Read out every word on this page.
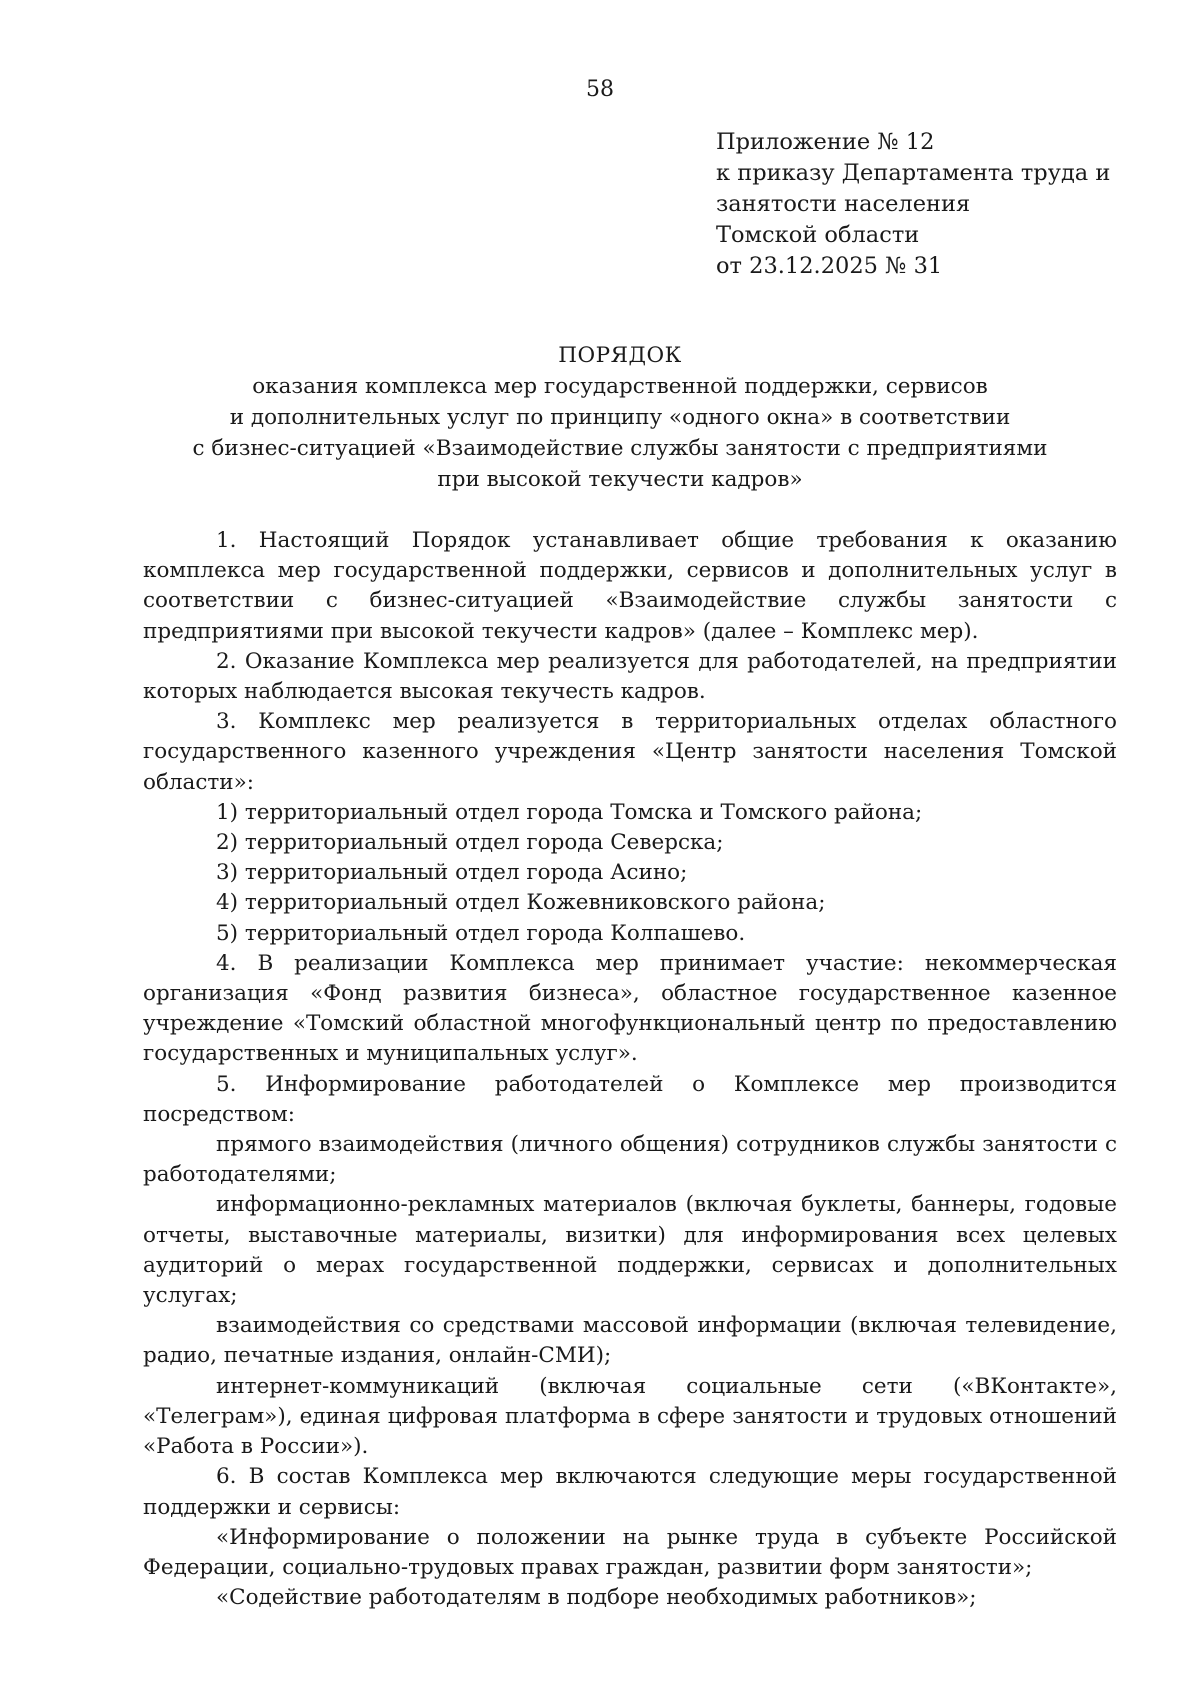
58
Приложение № 12
к приказу Департамента труда и
занятости населения
Томской области
от 23.12.2025 № 31
ПОРЯДОК
оказания комплекса мер государственной поддержки, сервисов
и дополнительных услуг по принципу «одного окна» в соответствии
с бизнес-ситуацией «Взаимодействие службы занятости с предприятиями
при высокой текучести кадров»

1. Настоящий Порядок устанавливает общие требования к оказанию комплекса мер государственной поддержки, сервисов и дополнительных услуг в соответствии с бизнес-ситуацией «Взаимодействие службы занятости с предприятиями при высокой текучести кадров» (далее – Комплекс мер).

2. Оказание Комплекса мер реализуется для работодателей, на предприятии которых наблюдается высокая текучесть кадров.

3. Комплекс мер реализуется в территориальных отделах областного государственного казенного учреждения «Центр занятости населения Томской области»:

1) территориальный отдел города Томска и Томского района;

2) территориальный отдел города Северска;

3) территориальный отдел города Асино;

4) территориальный отдел Кожевниковского района;

5) территориальный отдел города Колпашево.

4. В реализации Комплекса мер принимает участие: некоммерческая организация «Фонд развития бизнеса», областное государственное казенное учреждение «Томский областной многофункциональный центр по предоставлению государственных и муниципальных услуг».

5. Информирование работодателей о Комплексе мер производится посредством:

прямого взаимодействия (личного общения) сотрудников службы занятости с работодателями;

информационно-рекламных материалов (включая буклеты, баннеры, годовые отчеты, выставочные материалы, визитки) для информирования всех целевых аудиторий о мерах государственной поддержки, сервисах и дополнительных услугах;

взаимодействия со средствами массовой информации (включая телевидение, радио, печатные издания, онлайн-СМИ);

интернет-коммуникаций (включая социальные сети («ВКонтакте», «Телеграм»), единая цифровая платформа в сфере занятости и трудовых отношений «Работа в России»).

6. В состав Комплекса мер включаются следующие меры государственной поддержки и сервисы:

«Информирование о положении на рынке труда в субъекте Российской Федерации, социально-трудовых правах граждан, развитии форм занятости»;

«Содействие работодателям в подборе необходимых работников»;
